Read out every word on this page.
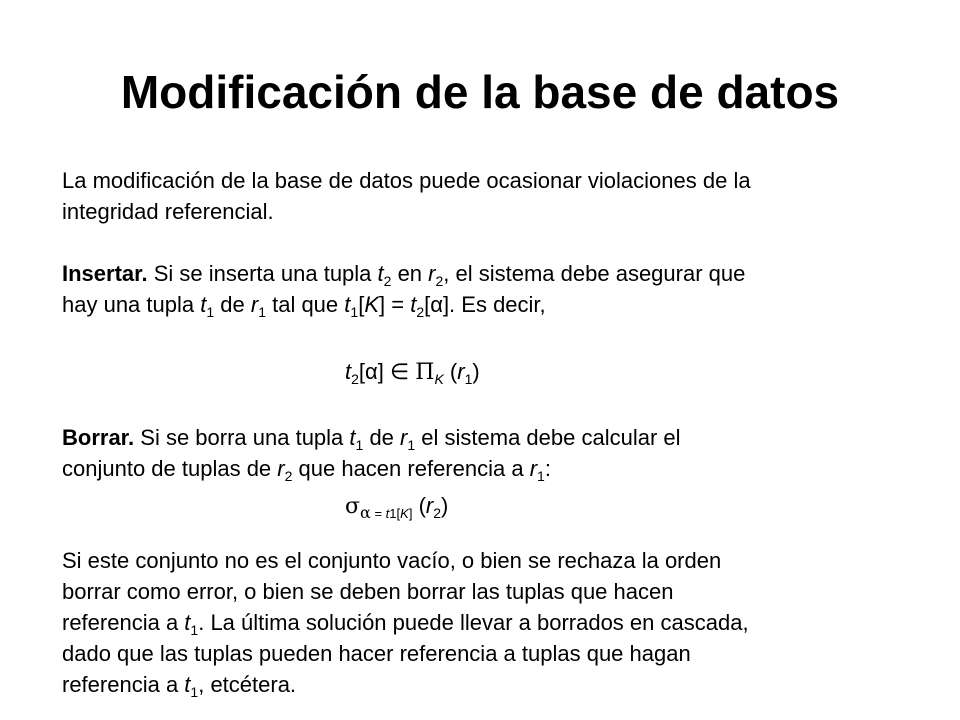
Modificación de la base de datos
La modificación de la base de datos puede ocasionar violaciones de la
integridad referencial.
Insertar. Si se inserta una tupla $t_2$ en $r_2$, el sistema debe asegurar que
hay una tupla $t_1$ de $r_1$ tal que $t_1[K] = t_2[\alpha]$. Es decir,
$t_2[\alpha]$ ∈ $\Pi_K$ $(r_1)$
Borrar. Si se borra una tupla $t_1$ de $r_1$ el sistema debe calcular el
conjunto de tuplas de $r_2$ que hacen referencia a $r_1$:
$\sigma_{\alpha = t1[K]}$ $(r_2)$
Si este conjunto no es el conjunto vacío, o bien se rechaza la orden
borrar como error, o bien se deben borrar las tuplas que hacen
referencia a $t_1$. La última solución puede llevar a borrados en cascada,
dado que las tuplas pueden hacer referencia a tuplas que hagan
referencia a $t_1$, etcétera.
